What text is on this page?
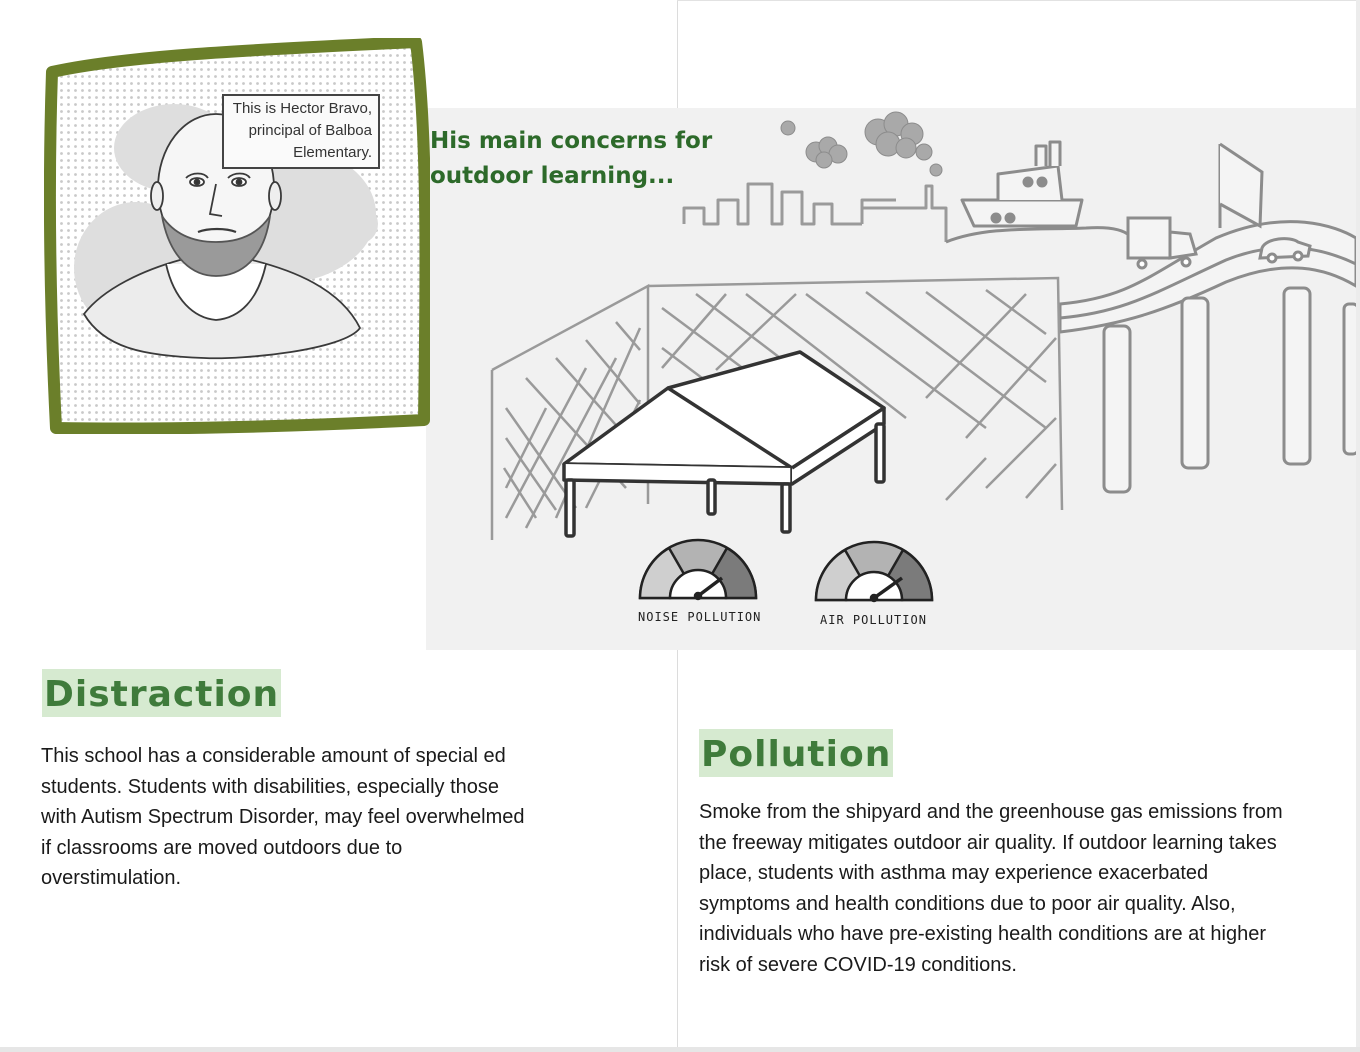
His main concerns for outdoor learning...

NOISE POLLUTION	AIR POLLUTION

This is Hector Bravo, principal of Balboa Elementary.

Distraction

This school has a considerable amount of special ed students. Students with disabilities, especially those with Autism Spectrum Disorder, may feel overwhelmed if classrooms are moved outdoors due to overstimulation.

Pollution

Smoke from the shipyard and the greenhouse gas emissions from the freeway mitigates outdoor air quality. If outdoor learning takes place, students with asthma may experience exacerbated symptoms and health conditions due to poor air quality. Also, individuals who have pre-existing health conditions are at higher risk of severe COVID-19 conditions.
